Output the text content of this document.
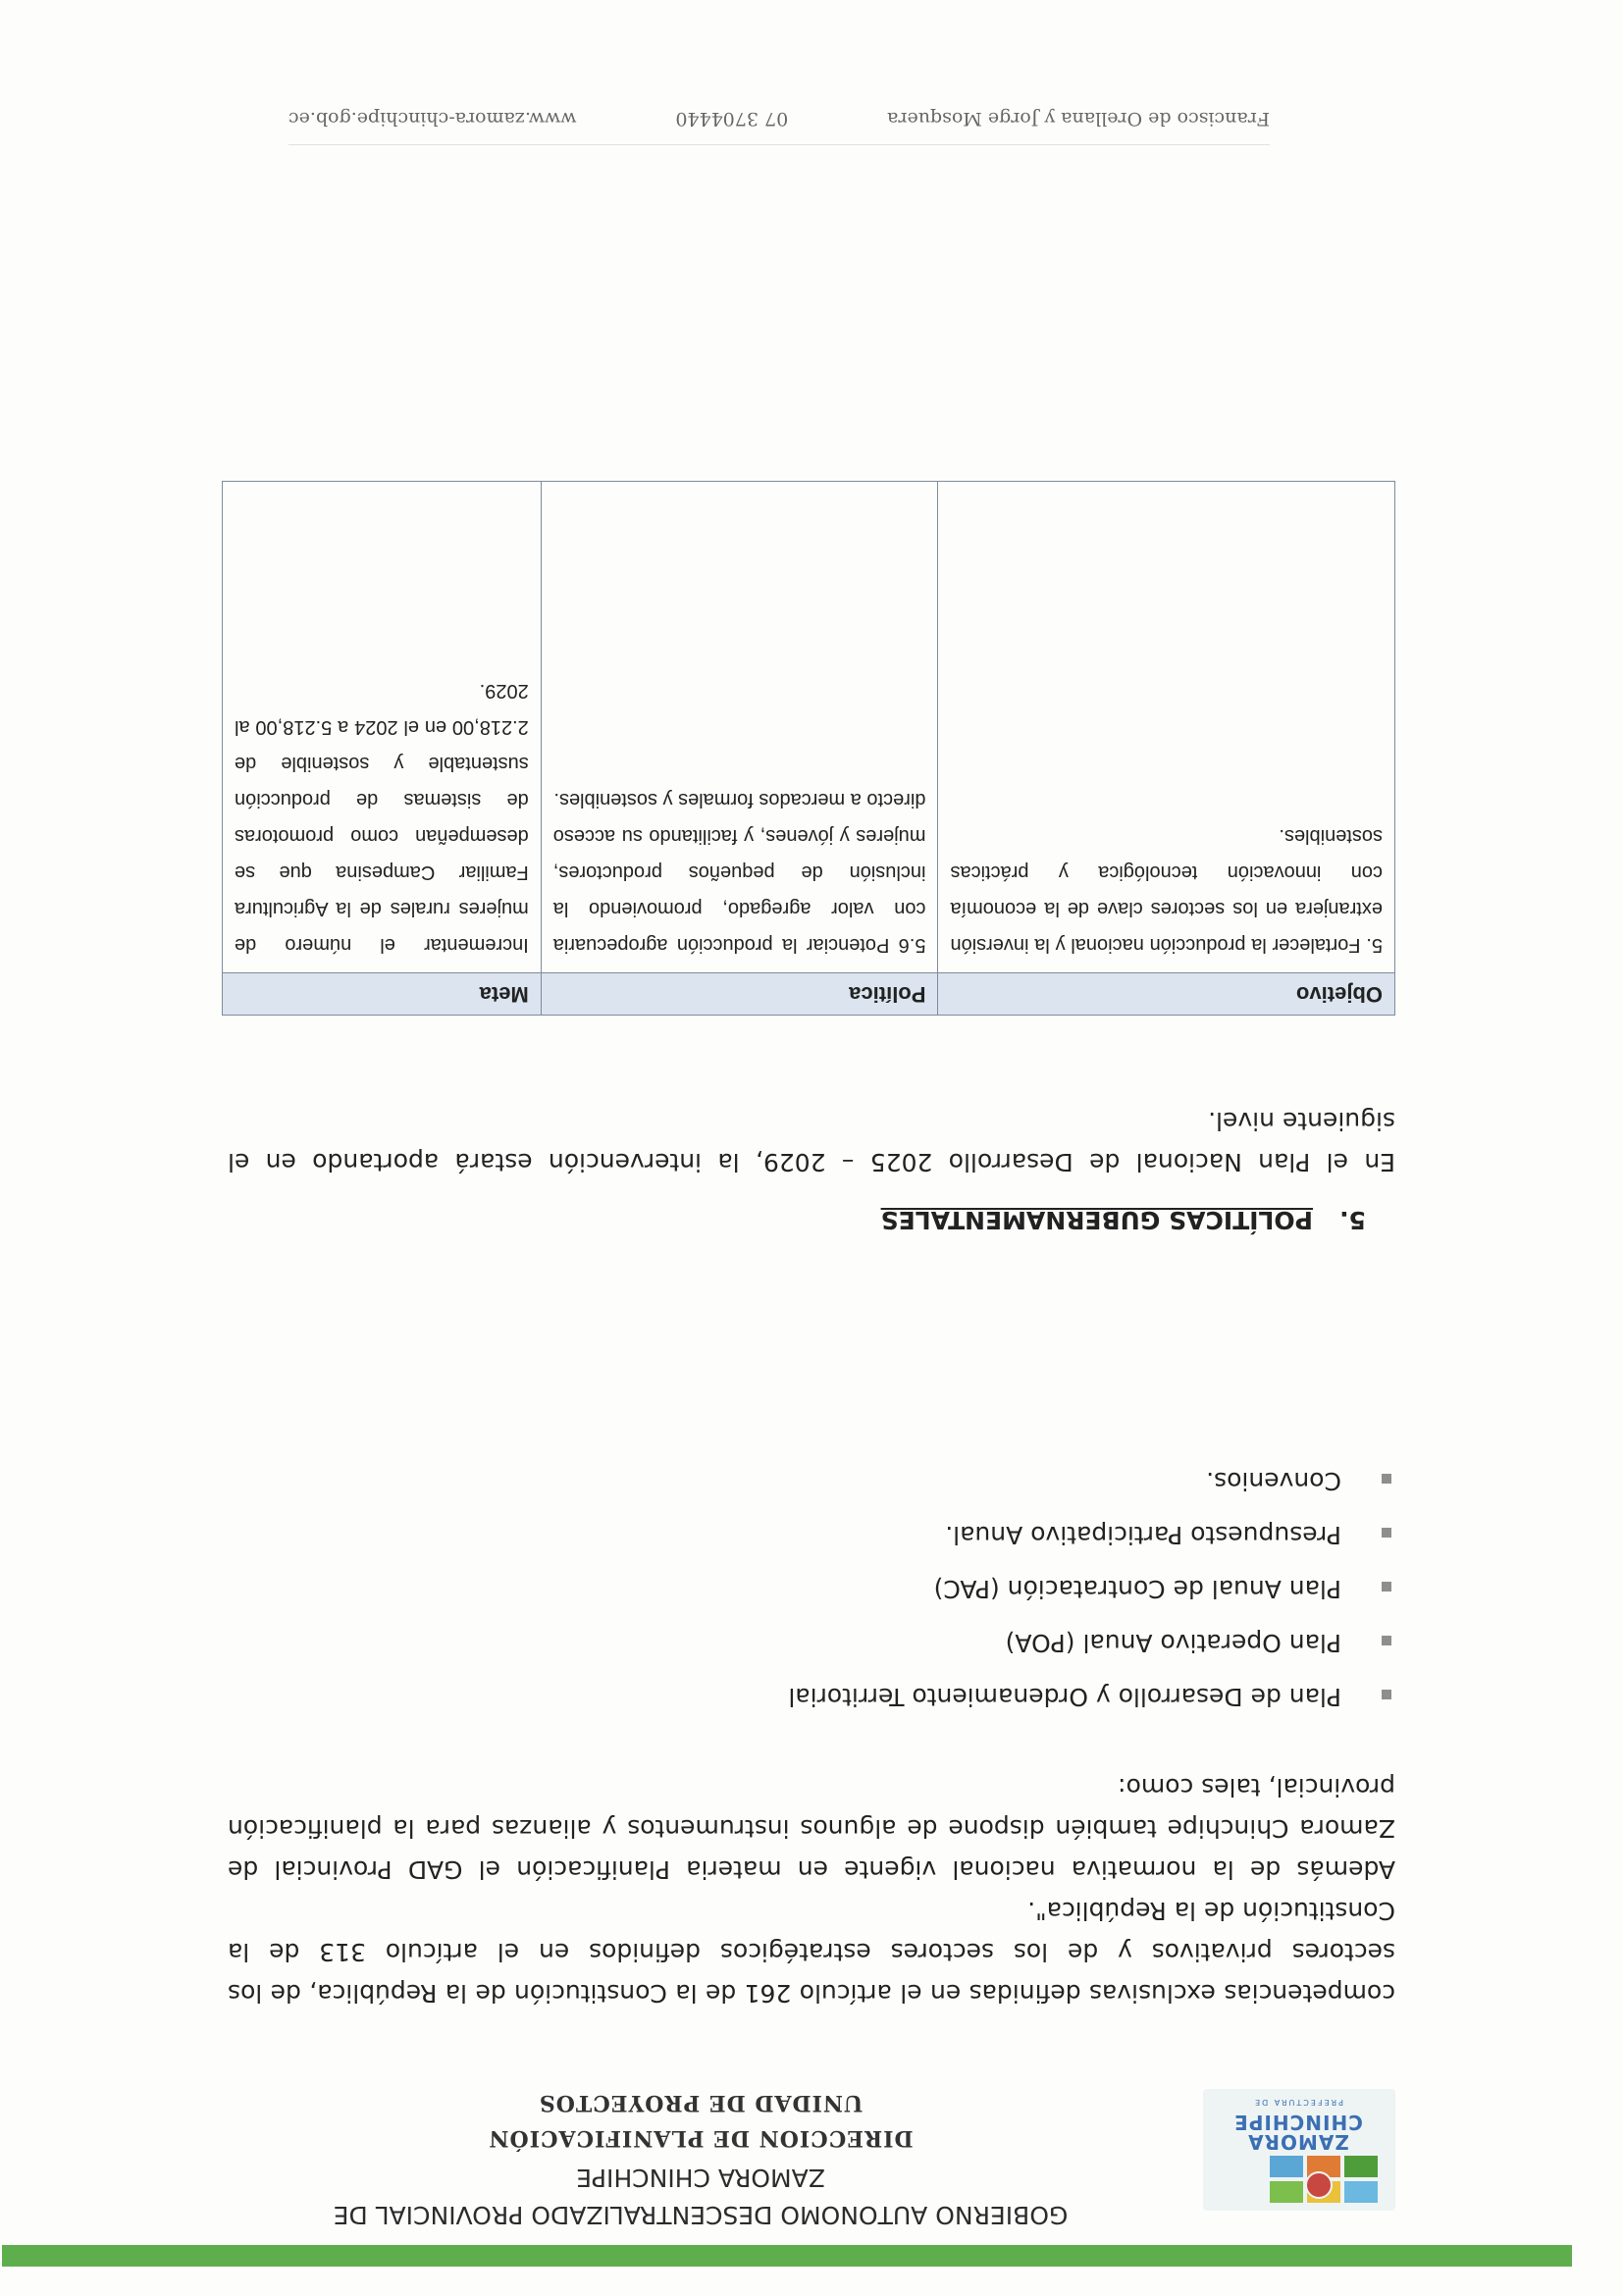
ZAMORA CHINCHIPE
PREFECTURA DE
GOBIERNO AUTONOMO DESCENTRALIZADO PROVINCIAL DE
ZAMORA CHINCHIPE
DIRECCION DE PLANIFICACIÓN
UNIDAD DE PROYECTOS

competencias exclusivas definidas en el artículo 261 de la Constitución de la República, de los sectores privativos y de los sectores estratégicos definidos en el artículo 313 de la Constitución de la República".

Además de la normativa nacional vigente en materia Planificación el GAD Provincial de Zamora Chinchipe también dispone de algunos instrumentos y alianzas para la planificación provincial, tales como:

Plan de Desarrollo y Ordenamiento Territorial
Plan Operativo Anual (POA)
Plan Anual de Contratación (PAC)
Presupuesto Participativo Anual.
Convenios.
5.POLÍTICAS GUBERNAMENTALES

En el Plan Nacional de Desarrollo 2025 – 2029, la intervención estará aportando en el siguiente nivel.

Objetivo	Política	Meta
5. Fortalecer la producción nacional y la inversión extranjera en los sectores clave de la economía con innovación tecnológica y prácticas sostenibles.	5.6 Potenciar la producción agropecuaria con valor agregado, promoviendo la inclusión de pequeños productores, mujeres y jóvenes, y facilitando su acceso directo a mercados formales y sostenibles.	Incrementar el número de mujeres rurales de la Agricultura Familiar Campesina que se desempeñan como promotoras de sistemas de producción sustentable y sostenible de 2.218,00 en el 2024 a 5.218,00 al 2029.
Francisco de Orellana y Jorge Mosquera
07 3704440
www.zamora-chinchipe.gob.ec
